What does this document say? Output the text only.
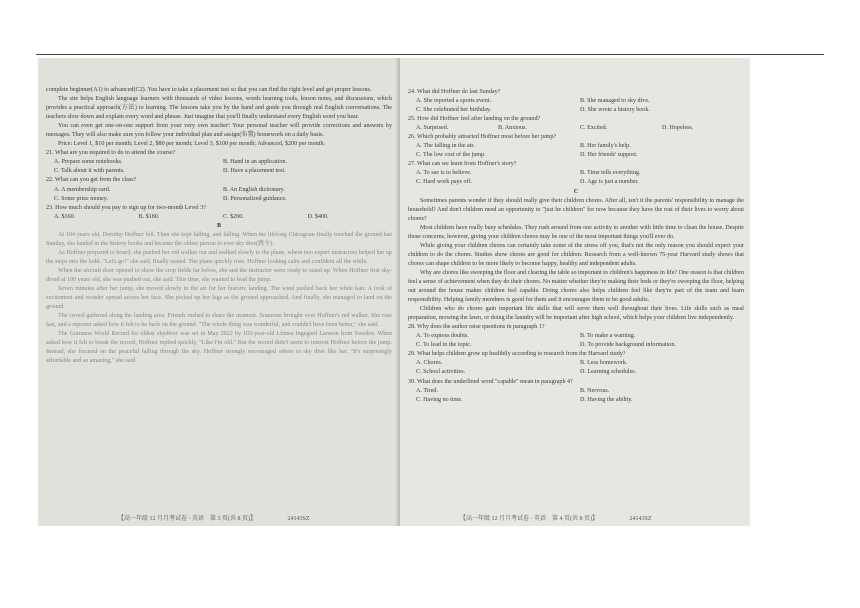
complete beginner(A1) to advanced(C2). You have to take a placement test so that you can find the right level and get proper lessons.

The site helps English language learners with thousands of video lessons, words learning tools, lesson notes, and discussions, which provides a practical approach(方法) to learning. The lessons take you by the hand and guide you through real English conversations. The teachers slow down and explain every word and phrase. Just imagine that you'll finally understand every English word you hear.

You can even get one-on-one support from your very own teacher! Your personal teacher will provide corrections and answers by messages. They will also make sure you follow your individual plan and assign(布置) homework on a daily basis.

Price: Level 1, $10 per month; Level 2, $80 per month; Level 3, $100 per month; Advanced, $200 per month.

21. What are you required to do to attend the course?

A. Prepare some notebooks.	B. Hand in an application.
C. Talk about it with parents.	D. Have a placement test.

22. What can you get from the class?

A. A membership card.	B. An English dictionary.
C. Some prize money.	D. Personalized guidance.

23. How much should you pay to sign up for two-month Level 3?

A. $160.	B. $180.	C. $200.	D. $400.

B

At 104 years old, Dorothy Hoffner fell. Then she kept falling, and falling. When the lifelong Chicagoan finally touched the ground last Sunday, she landed in the history books and became the oldest person to ever sky dive(跳伞).

As Hoffner prepared to board, she pushed her red walker out and walked slowly to the plane, where two expert instructors helped her up the steps into the hold. "Let's go!" she said, finally seated. The plane quickly rose. Hoffner looking calm and confident all the while.

When the aircraft door opened to show the crop fields far below, she and the instructor were ready to stand up. When Hoffner first sky-dived at 100 years old, she was pushed out, she said. This time, she wanted to lead the jump.

Seven minutes after her jump, she moved slowly in the air for her historic landing. The wind pushed back her white hair. A look of excitement and wonder spread across her face. She picked up her legs as the ground approached. And finally, she managed to land on the ground.

The crowd gathered along the landing area. Friends rushed to share the moment. Someone brought over Hoffner's red walker. She rose fast, and a reporter asked how it felt to be back on the ground. "The whole thing was wonderful, and couldn't have been better," she said.

The Guinness World Record for oldest skydiver was set in May 2022 by 103-year-old Linnea Ingegard Larsson from Sweden. When asked how it felt to break the record, Hoffner replied quickly, "Like I'm old." But the record didn't seem to interest Hoffner before the jump. Instead, she focused on the peaceful falling through the sky. Hoffner strongly encouraged others to sky dive like her. "It's surprisingly affordable and so amazing," she said.

【高一年级 12 月月考试卷 · 英语　第 3 页(共 8 页)】	24143SZ

24. What did Hoffner do last Sunday?

A. She reported a sports event.	B. She managed to sky dive.
C. She celebrated her birthday.	D. She wrote a history book.

25. How did Hoffner feel after landing on the ground?

A. Surprised.	B. Anxious.	C. Excited.	D. Hopeless.

26. Which probably attracted Hoffner most before her jump?

A. The falling in the air.	B. Her family's help.
C. The low cost of the jump.	D. Her friends' support.

27. What can we learn from Hoffner's story?

A. To see is to believe.	B. Time tells everything.
C. Hard work pays off.	D. Age is just a number.

C

Sometimes parents wonder if they should really give their children chores. After all, isn't it the parents' responsibility to manage the household? And don't children need an opportunity to "just be children" for now because they have the rest of their lives to worry about chores?

Most children have really busy schedules. They rush around from one activity to another with little time to clean the house. Despite those concerns, however, giving your children chores may be one of the most important things you'll ever do.

While giving your children chores can certainly take some of the stress off you, that's not the only reason you should expect your children to do the chores. Studies show chores are good for children. Research from a well-known 75-year Harvard study shows that chores can shape children to be more likely to become happy, healthy and independent adults.

Why are chores like sweeping the floor and clearing the table so important to children's happiness in life? One reason is that children feel a sense of achievement when they do their chores. No matter whether they're making their beds or they're sweeping the floor, helping out around the house makes children feel capable. Doing chores also helps children feel like they're part of the team and learn responsibility. Helping family members is good for them and it encourages them to be good adults.

Children who do chores gain important life skills that will serve them well throughout their lives. Life skills such as meal preparation, mowing the lawn, or doing the laundry will be important after high school, which helps your children live independently.

28. Why does the author raise questions in paragraph 1?

A. To express doubts.	B. To make a warning.
C. To lead in the topic.	D. To provide background information.

29. What helps children grow up healthily according to research from the Harvard study?

A. Chores.	B. Less homework.
C. School activities.	D. Learning schedules.

30. What does the underlined word "capable" mean in paragraph 4?

A. Tired.	B. Nervous.
C. Having no time.	D. Having the ability.
【高一年级 12 月月考试卷 · 英语　第 4 页(共 8 页)】	24143SZ
